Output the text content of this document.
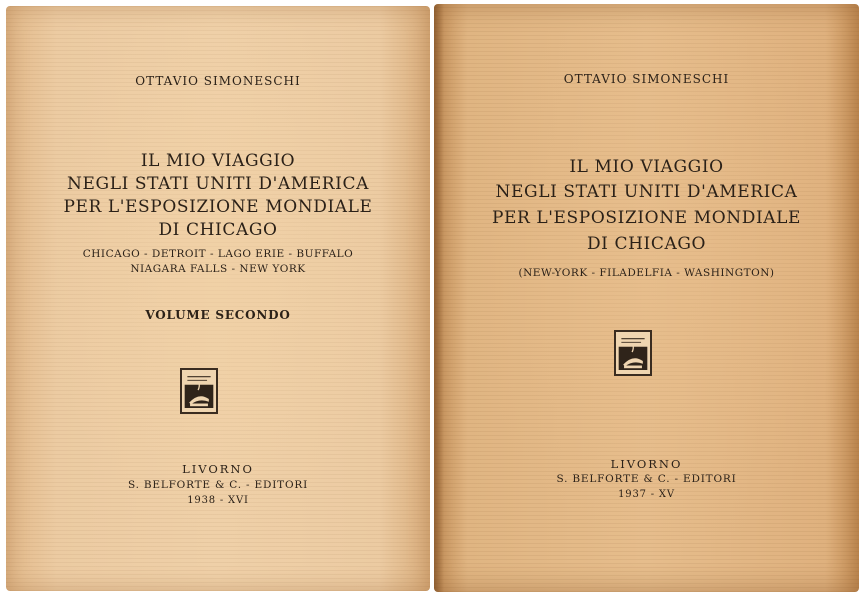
OTTAVIO SIMONESCHI
IL MIO VIAGGIO
NEGLI STATI UNITI D'AMERICA
PER L'ESPOSIZIONE MONDIALE
DI CHICAGO
CHICAGO - DETROIT - LAGO ERIE - BUFFALO
NIAGARA FALLS - NEW YORK
VOLUME SECONDO
LIVORNO
S. BELFORTE & C. - EDITORI
1938 - XVI
OTTAVIO SIMONESCHI
IL MIO VIAGGIO
NEGLI STATI UNITI D'AMERICA
PER L'ESPOSIZIONE MONDIALE
DI CHICAGO
(NEW-YORK - FILADELFIA - WASHINGTON)
LIVORNO
S. BELFORTE & C. - EDITORI
1937 - XV
